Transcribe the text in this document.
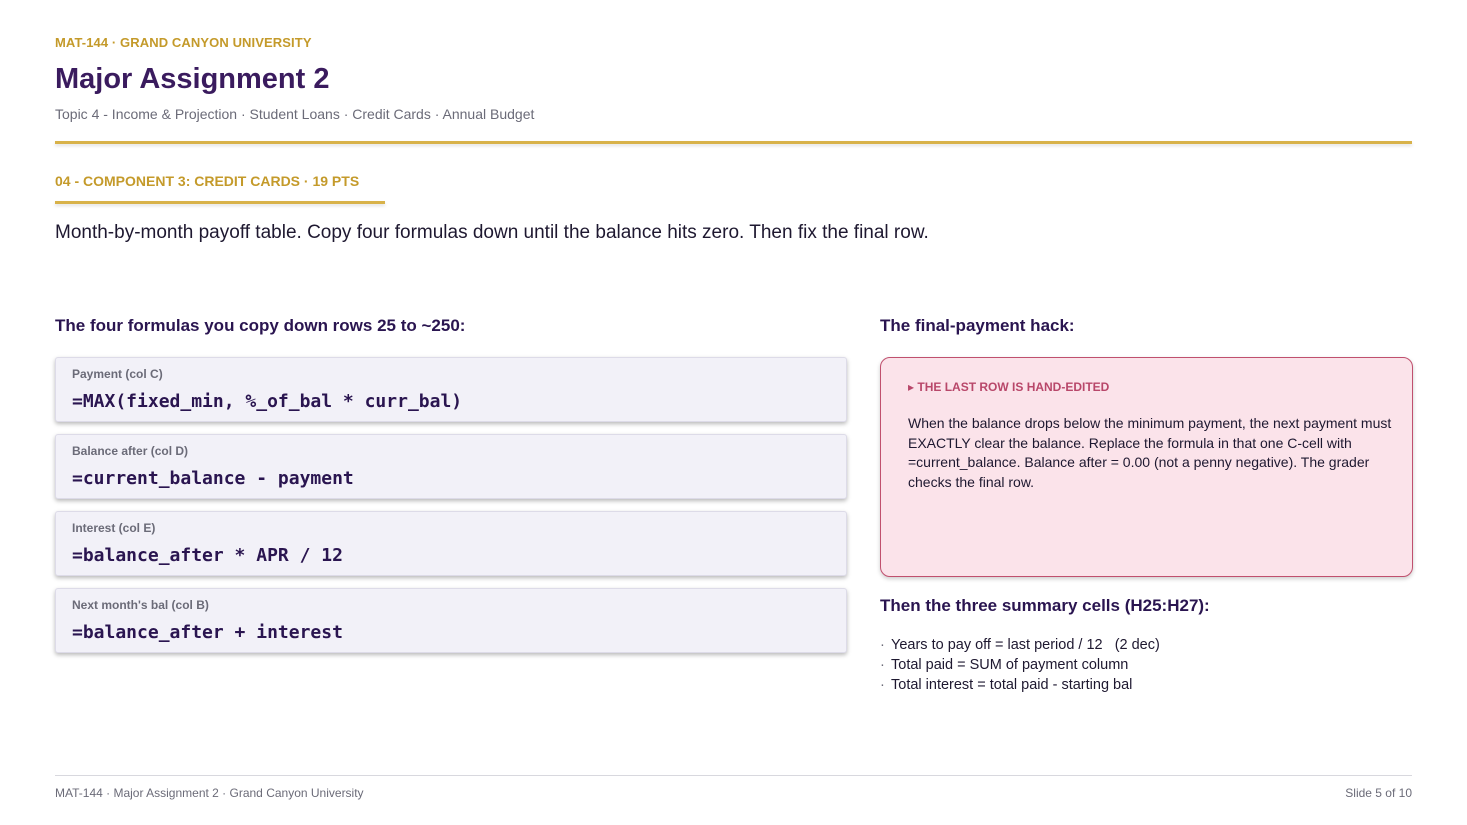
MAT-144 · GRAND CANYON UNIVERSITY
Major Assignment 2
Topic 4 - Income & Projection · Student Loans · Credit Cards · Annual Budget
04 - COMPONENT 3: CREDIT CARDS · 19 PTS
Month-by-month payoff table. Copy four formulas down until the balance hits zero. Then fix the final row.
The four formulas you copy down rows 25 to ~250:
Payment (col C)
=MAX(fixed_min, %_of_bal * curr_bal)
Balance after (col D)
=current_balance - payment
Interest (col E)
=balance_after * APR / 12
Next month's bal (col B)
=balance_after + interest
The final-payment hack:
▸ THE LAST ROW IS HAND-EDITED
When the balance drops below the minimum payment, the next payment must EXACTLY clear the balance. Replace the formula in that one C-cell with =current_balance. Balance after = 0.00 (not a penny negative). The grader checks the final row.
Then the three summary cells (H25:H27):
· Years to pay off = last period / 12   (2 dec)
· Total paid = SUM of payment column
· Total interest = total paid - starting bal
MAT-144 · Major Assignment 2 · Grand Canyon University	Slide 5 of 10
